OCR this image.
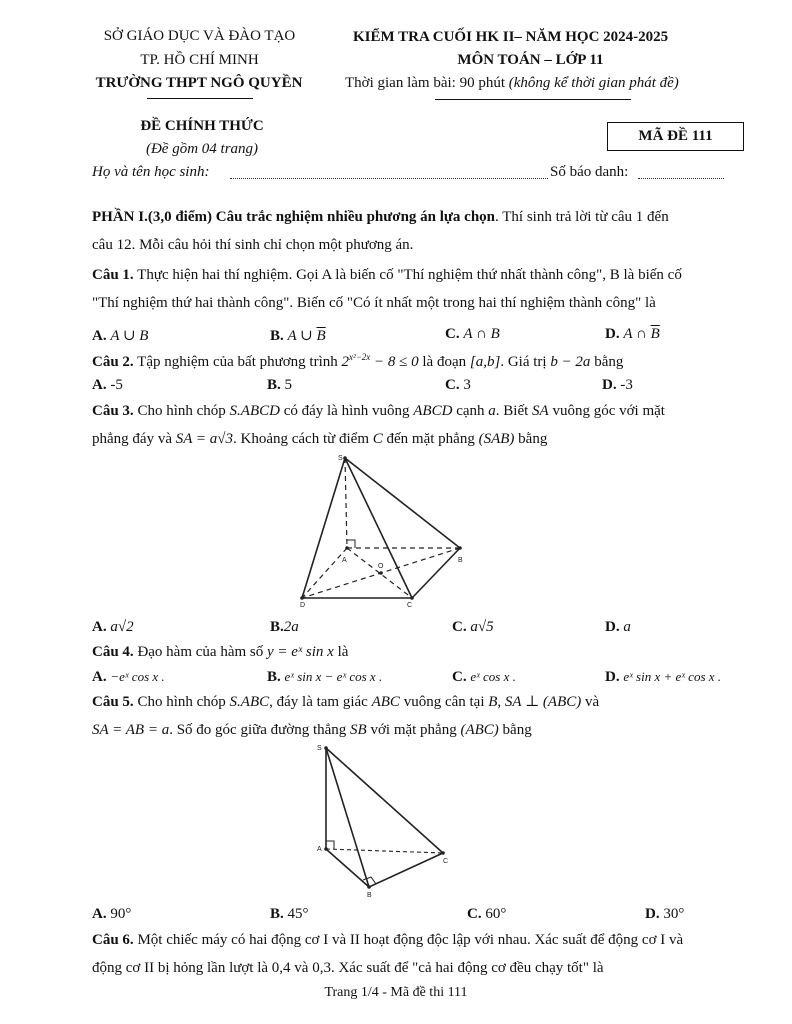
SỞ GIÁO DỤC VÀ ĐÀO TẠO
TP. HỒ CHÍ MINH
TRƯỜNG THPT NGÔ QUYỀN
KIỂM TRA CUỐI HK II– NĂM HỌC 2024-2025
MÔN TOÁN – LỚP 11
Thời gian làm bài: 90 phút (không kể thời gian phát đề)
ĐỀ CHÍNH THỨC
(Đề gồm 04 trang)
MÃ ĐỀ 111
Họ và tên học sinh:	Số báo danh:
PHẦN I.(3,0 điểm) Câu trắc nghiệm nhiều phương án lựa chọn. Thí sinh trả lời từ câu 1 đến
câu 12. Mỗi câu hỏi thí sinh chỉ chọn một phương án.
Câu 1. Thực hiện hai thí nghiệm. Gọi A là biến cố "Thí nghiệm thứ nhất thành công", B là biến cố
"Thí nghiệm thứ hai thành công". Biến cố "Có ít nhất một trong hai thí nghiệm thành công" là
A. A ∪ B	B. A ∪ $\overline{B}$	C. A ∩ B	D. A ∩ $\overline{B}$
Câu 2. Tập nghiệm của bất phương trình $2^{x^2-2x} - 8 \le 0$ là đoạn [a,b]. Giá trị b − 2a bằng
A. -5	B. 5	C. 3	D. -3
Câu 3. Cho hình chóp S.ABCD có đáy là hình vuông ABCD cạnh a. Biết SA vuông góc với mặt
phẳng đáy và SA = a√3. Khoảng cách từ điểm C đến mặt phẳng (SAB) bằng
S
A	B
C
D
O
A. a√2	B.2a	C. a√5	D. a
Câu 4. Đạo hàm của hàm số y = eˣ sin x là
A. −eˣ cos x .	B. eˣ sin x − eˣ cos x .	C. eˣ cos x .	D. eˣ sin x + eˣ cos x .
Câu 5. Cho hình chóp S.ABC, đáy là tam giác ABC vuông cân tại B, SA ⊥ (ABC) và
SA = AB = a. Số đo góc giữa đường thẳng SB với mặt phẳng (ABC) bằng
S
A
B
C
A. 90°	B. 45°	C. 60°	D. 30°
Câu 6. Một chiếc máy có hai động cơ I và II hoạt động độc lập với nhau. Xác suất để động cơ I và
động cơ II bị hỏng lần lượt là 0,4 và 0,3. Xác suất để "cả hai động cơ đều chạy tốt" là
Trang 1/4 - Mã đề thi 111
